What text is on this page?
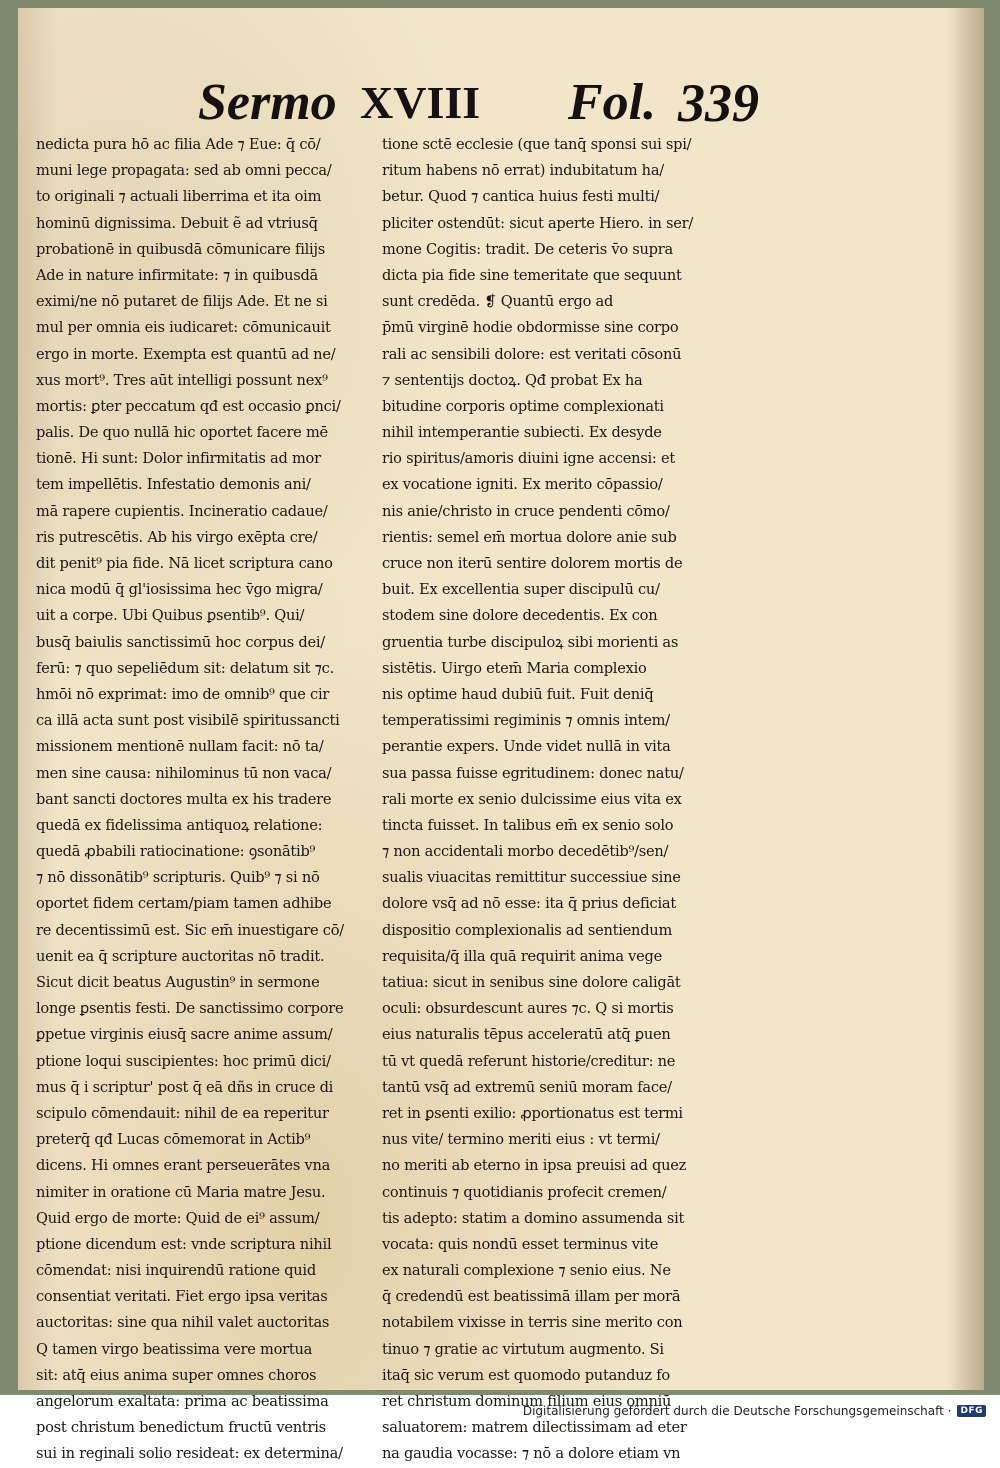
Sermo XVIII Fol. 339
nedicta pura hō ac filia Ade ⁊ Eue: q̄ cō/
muni lege propagata: sed ab omni pecca/
to originali ⁊ actuali liberrima et ita oim
hominū dignissima. Debuit ẽ ad vtriusq̄
probationē in quibusdā cōmunicare filijs
Ade in nature infirmitate: ⁊ in quibusdā
eximi/ne nō putaret de filijs Ade. Et ne si
mul per omnia eis iudicaret: cōmunicauit
ergo in morte. Exempta est quantū ad ne/
xus mort⁹. Tres aūt intelligi possunt nex⁹
mortis: ꝑter peccatum qđ est occasio ꝑnci/
palis. De quo nullā hic oportet facere mē
tionē. Hi sunt: Dolor infirmitatis ad mor
tem impellētis. Infestatio demonis ani/
mā rapere cupientis. Incineratio cadaue/
ris putrescētis. Ab his virgo exēpta cre/
dit penit⁹ pia fide. Nā licet scriptura cano
nica modū q̄ gl'iosissima hec v̄go migra/
uit a corpe. Ubi Quibus ꝑsentib⁹. Qui/
busq̄ baiulis sanctissimū hoc corpus dei/
ferū: ⁊ quo sepeliēdum sit: delatum sit ⁊c.
hmōi nō exprimat: imo de omnib⁹ que cir
ca illā acta sunt post visibilē spiritussancti
missionem mentionē nullam facit: nō ta/
men sine causa: nihilominus tū non vaca/
bant sancti doctores multa ex his tradere
quedā ex fidelissima antiquoꝝ relatione:
quedā ꝓbabili ratiocinatione: ꝯsonātib⁹
⁊ nō dissonātib⁹ scripturis. Quib⁹ ⁊ si nō
oportet fidem certam/piam tamen adhibe
re decentissimū est. Sic em̄ inuestigare cō/
uenit ea q̄ scripture auctoritas nō tradit.
Sicut dicit beatus Augustin⁹ in sermone
longe ꝑsentis festi. De sanctissimo corpore
ꝑpetue virginis eiusq̄ sacre anime assum/
ptione loqui suscipientes: hoc primū dici/
mus q̄ i scriptur' post q̄ eā dñs in cruce di
scipulo cōmendauit: nihil de ea reperitur
preterq̄ qđ Lucas cōmemorat in Actib⁹
dicens. Hi omnes erant perseuerātes vna
nimiter in oratione cū Maria matre Jesu.
Quid ergo de morte: Quid de ei⁹ assum/
ptione dicendum est: vnde scriptura nihil
cōmendat: nisi inquirendū ratione quid
consentiat veritati. Fiet ergo ipsa veritas
auctoritas: sine qua nihil valet auctoritas
Q tamen virgo beatissima vere mortua
sit: atq̄ eius anima super omnes choros
angelorum exaltata: prima ac beatissima
post christum benedictum fructū ventris
sui in reginali solio resideat: ex determina/
tione sctē ecclesie (que tanq̄ sponsi sui spi/
ritum habens nō errat) indubitatum ha/
betur. Quod ⁊ cantica huius festi multi/
pliciter ostendūt: sicut aperte Hiero. in ser/
mone Cogitis: tradit. De ceteris v̄o supra
dicta pia fide sine temeritate que sequunt
sunt credēda. ❡ Quantū ergo ad
p̄mū virginē hodie obdormisse sine corpo
rali ac sensibili dolore: est veritati cōsonū
⁊ sententijs doctoꝝ. Qđ probat Ex ha
bitudine corporis optime complexionati
nihil intemperantie subiecti. Ex desyde
rio spiritus/amoris diuini igne accensi: et
ex vocatione igniti. Ex merito cōpassio/
nis anie/christo in cruce pendenti cōmo/
rientis: semel em̄ mortua dolore anie sub
cruce non iterū sentire dolorem mortis de
buit. Ex excellentia super discipulū cu/
stodem sine dolore decedentis. Ex con
gruentia turbe discipuloꝝ sibi morienti as
sistētis. Uirgo etem̄ Maria complexio
nis optime haud dubiū fuit. Fuit deniq̄
temperatissimi regiminis ⁊ omnis intem/
perantie expers. Unde videt nullā in vita
sua passa fuisse egritudinem: donec natu/
rali morte ex senio dulcissime eius vita ex
tincta fuisset. In talibus em̄ ex senio solo
⁊ non accidentali morbo decedētib⁹/sen/
sualis viuacitas remittitur successiue sine
dolore vsq̄ ad nō esse: ita q̄ prius deficiat
dispositio complexionalis ad sentiendum
requisita/q̄ illa quā requirit anima vege
tatiua: sicut in senibus sine dolore caligāt
oculi: obsurdescunt aures ⁊c. Q si mortis
eius naturalis tēpus acceleratū atq̄ ꝑuen
tū vt quedā referunt historie/creditur: ne
tantū vsq̄ ad extremū seniū moram face/
ret in ꝑsenti exilio: ꝓportionatus est termi
nus vite/ termino meriti eius : vt termi/
no meriti ab eterno in ipsa preuisi ad quez
continuis ⁊ quotidianis profecit cremen/
tis adepto: statim a domino assumenda sit
vocata: quis nondū esset terminus vite
ex naturali complexione ⁊ senio eius. Ne
q̄ credendū est beatissimā illam per morā
notabilem vixisse in terris sine merito con
tinuo ⁊ gratie ac virtutum augmento. Si
itaq̄ sic verum est quomodo putanduz fo
ret christum dominum filium eius omniū
saluatorem: matrem dilectissimam ad eter
na gaudia vocasse: ⁊ nō a dolore etiam vn
Digitalisierung gefördert durch die Deutsche Forschungsgemeinschaft ·	DFG
